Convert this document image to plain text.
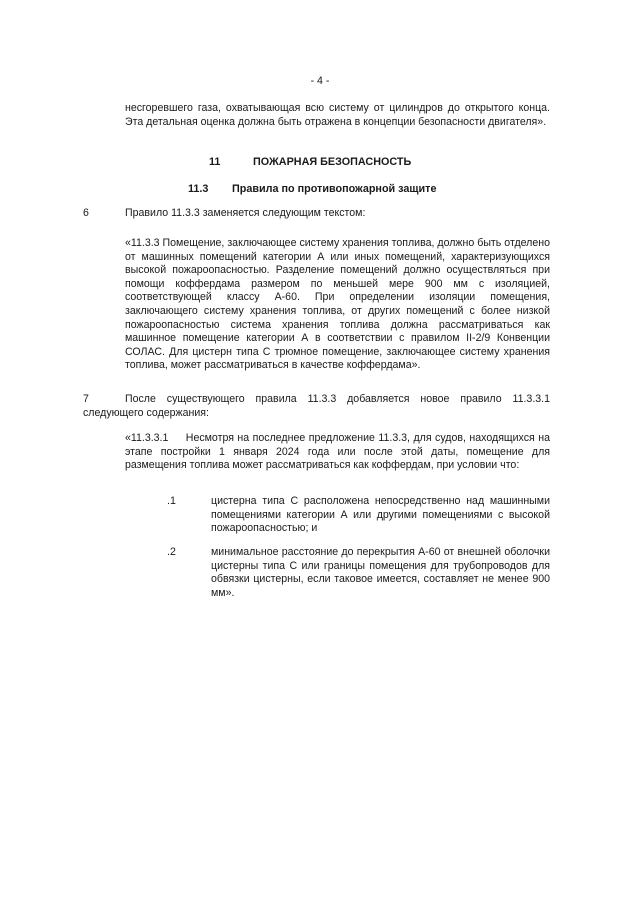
- 4 -
несгоревшего газа, охватывающая всю систему от цилиндров до открытого конца. Эта детальная оценка должна быть отражена в концепции безопасности двигателя».
11	ПОЖАРНАЯ БЕЗОПАСНОСТЬ
11.3 Правила по противопожарной защите
6	Правило 11.3.3 заменяется следующим текстом:
«11.3.3 Помещение, заключающее систему хранения топлива, должно быть отделено от машинных помещений категории А или иных помещений, характеризующихся высокой пожароопасностью. Разделение помещений должно осуществляться при помощи коффердама размером по меньшей мере 900 мм с изоляцией, соответствующей классу А-60. При определении изоляции помещения, заключающего систему хранения топлива, от других помещений с более низкой пожароопасностью система хранения топлива должна рассматриваться как машинное помещение категории А в соответствии с правилом II-2/9 Конвенции СОЛАС. Для цистерн типа С трюмное помещение, заключающее систему хранения топлива, может рассматриваться в качестве коффердама».
7	После существующего правила 11.3.3 добавляется новое правило 11.3.3.1 следующего содержания:
«11.3.3.1     Несмотря на последнее предложение 11.3.3, для судов, находящихся на этапе постройки 1 января 2024 года или после этой даты, помещение для размещения топлива может рассматриваться как коффердам, при условии что:
.1	цистерна типа С расположена непосредственно над машинными помещениями категории А или другими помещениями с высокой пожароопасностью; и
.2	минимальное расстояние до перекрытия А-60 от внешней оболочки цистерны типа С или границы помещения для трубопроводов для обвязки цистерны, если таковое имеется, составляет не менее 900 мм».
